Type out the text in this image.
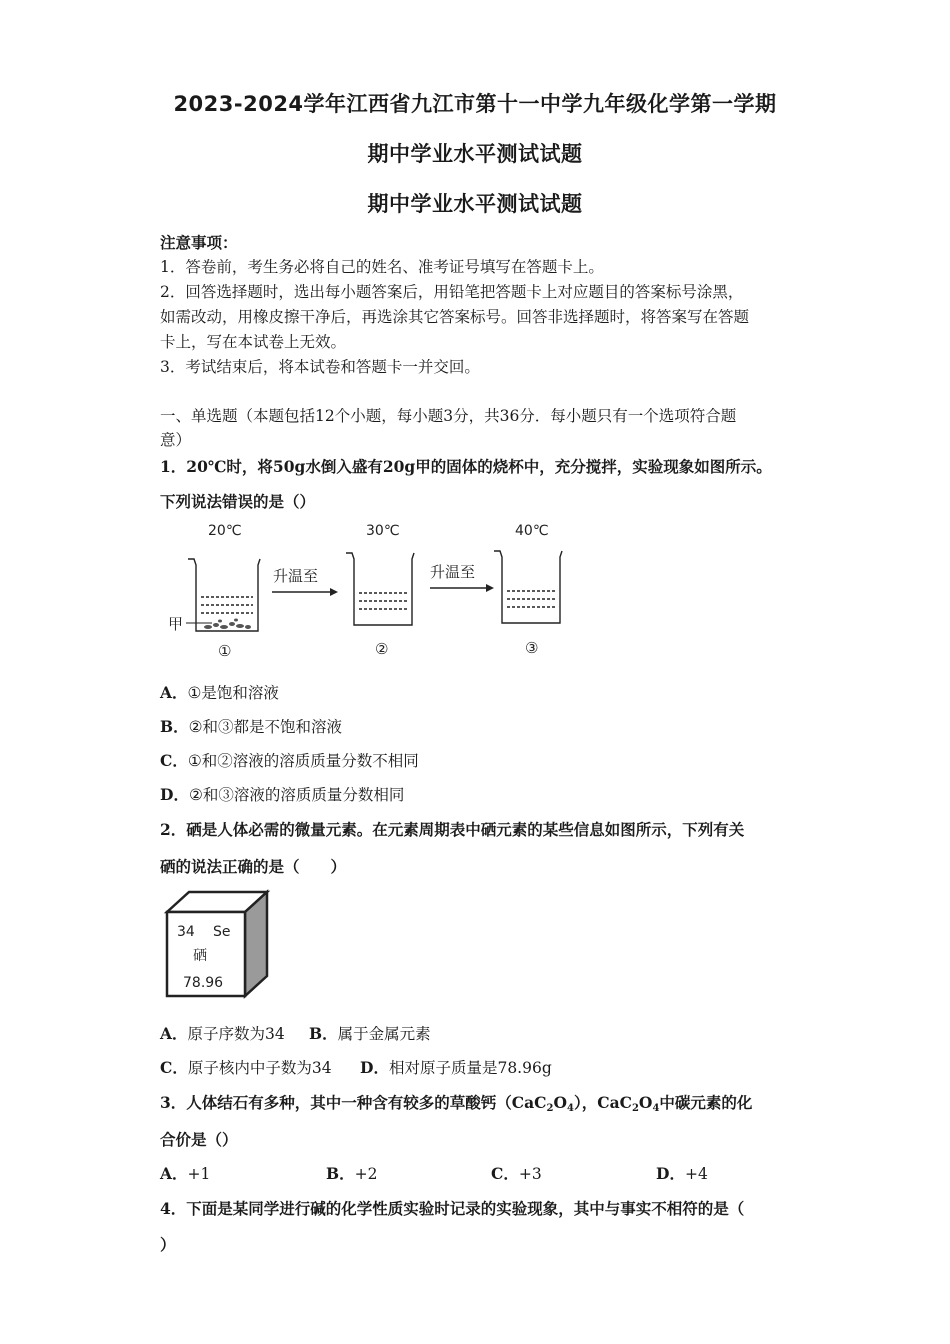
2023-2024学年江西省九江市第十一中学九年级化学第一学期
期中学业水平测试试题
期中学业水平测试试题
注意事项：
1．答卷前，考生务必将自己的姓名、准考证号填写在答题卡上。
2．回答选择题时，选出每小题答案后，用铅笔把答题卡上对应题目的答案标号涂黑，
如需改动，用橡皮擦干净后，再选涂其它答案标号。回答非选择题时，将答案写在答题
卡上，写在本试卷上无效。
3．考试结束后，将本试卷和答题卡一并交回。
一、单选题（本题包括12个小题，每小题3分，共36分．每小题只有一个选项符合题
意）
1．20℃时，将50g水倒入盛有20g甲的固体的烧杯中，充分搅拌，实验现象如图所示。
下列说法错误的是（）
20℃	30℃	40℃
甲
①
升温至
②
升温至
③
A．①是饱和溶液
B．②和③都是不饱和溶液
C．①和②溶液的溶质质量分数不相同
D．②和③溶液的溶质质量分数相同
2．硒是人体必需的微量元素。在元素周期表中硒元素的某些信息如图所示，下列有关
硒的说法正确的是（　　）
34 Se
硒
78.96
A．原子序数为34 B．属于金属元素
C．原子核内中子数为34 D．相对原子质量是78.96g
3．人体结石有多种，其中一种含有较多的草酸钙$(CaC_2O_4)$，$CaC_2O_4$中碳元素的化
合价是（）
A．+1	B．+2	C．+3	D．+4
4．下面是某同学进行碱的化学性质实验时记录的实验现象，其中与事实不相符的是（
）
